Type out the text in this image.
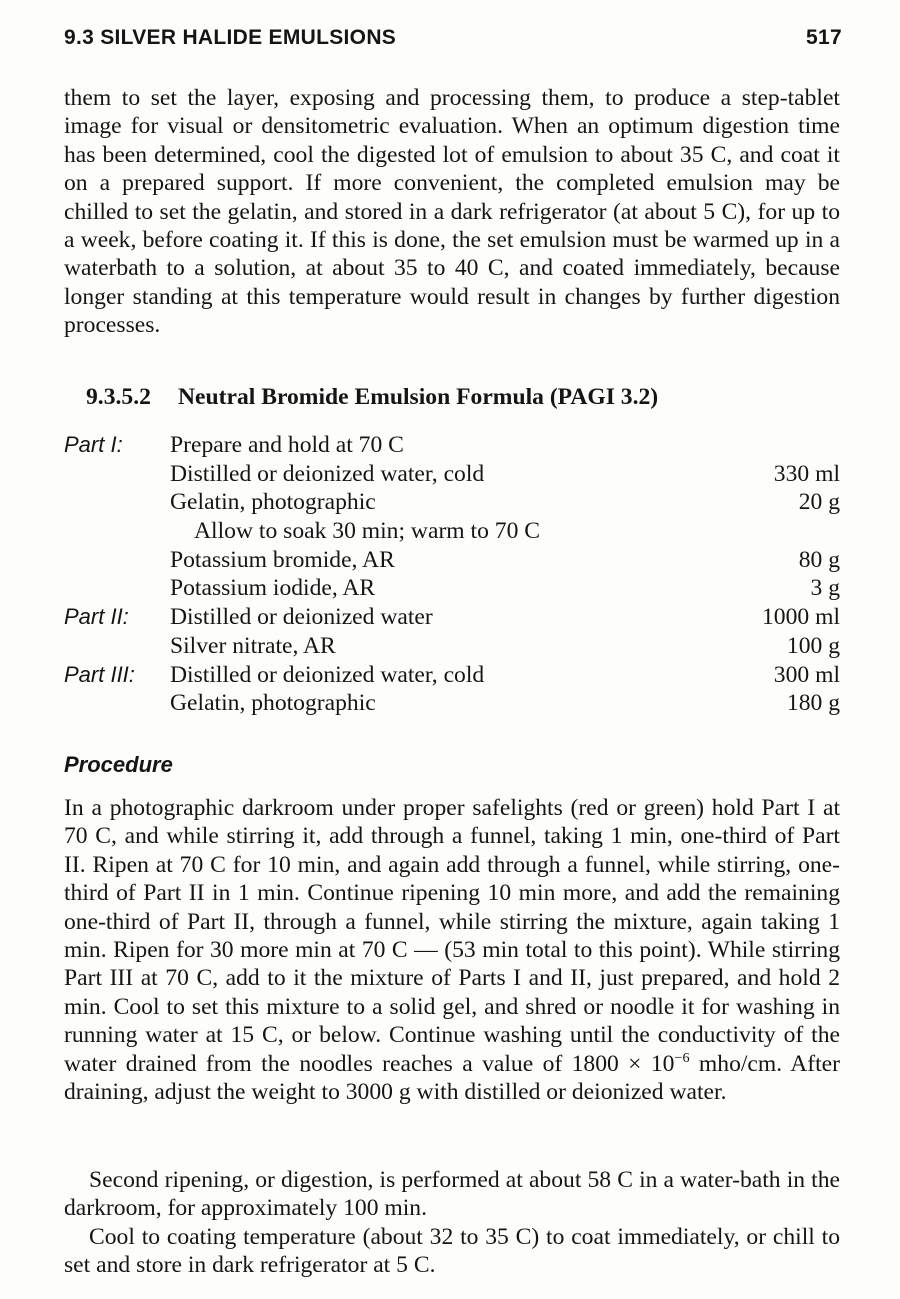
9.3 SILVER HALIDE EMULSIONS	517

them to set the layer, exposing and processing them, to produce a step-tablet image for visual or densitometric evaluation. When an optimum digestion time has been determined, cool the digested lot of emulsion to about 35 C, and coat it on a prepared support. If more convenient, the completed emulsion may be chilled to set the gelatin, and stored in a dark refrigerator (at about 5 C), for up to a week, before coating it. If this is done, the set emulsion must be warmed up in a waterbath to a solution, at about 35 to 40 C, and coated immediately, because longer standing at this temperature would result in changes by further digestion processes.

9.3.5.2 Neutral Bromide Emulsion Formula (PAGI 3.2)
Part I:	Prepare and hold at 70 C
Distilled or deionized water, cold	330 ml
Gelatin, photographic	20 g
Allow to soak 30 min; warm to 70 C
Potassium bromide, AR	80 g
Potassium iodide, AR	3 g
Part II:	Distilled or deionized water	1000 ml
Silver nitrate, AR	100 g
Part III:	Distilled or deionized water, cold	300 ml
Gelatin, photographic	180 g
Procedure

In a photographic darkroom under proper safelights (red or green) hold Part I at 70 C, and while stirring it, add through a funnel, taking 1 min, one-third of Part II. Ripen at 70 C for 10 min, and again add through a funnel, while stirring, one-third of Part II in 1 min. Continue ripening 10 min more, and add the remaining one-third of Part II, through a funnel, while stirring the mixture, again taking 1 min. Ripen for 30 more min at 70 C — (53 min total to this point). While stirring Part III at 70 C, add to it the mixture of Parts I and II, just prepared, and hold 2 min. Cool to set this mixture to a solid gel, and shred or noodle it for washing in running water at 15 C, or below. Continue washing until the conductivity of the water drained from the noodles reaches a value of $1800 \times 10^{-6}$ mho/cm. After draining, adjust the weight to 3000 g with distilled or deionized water.

Second ripening, or digestion, is performed at about 58 C in a water-bath in the darkroom, for approximately 100 min.

Cool to coating temperature (about 32 to 35 C) to coat immediately, or chill to set and store in dark refrigerator at 5 C.
